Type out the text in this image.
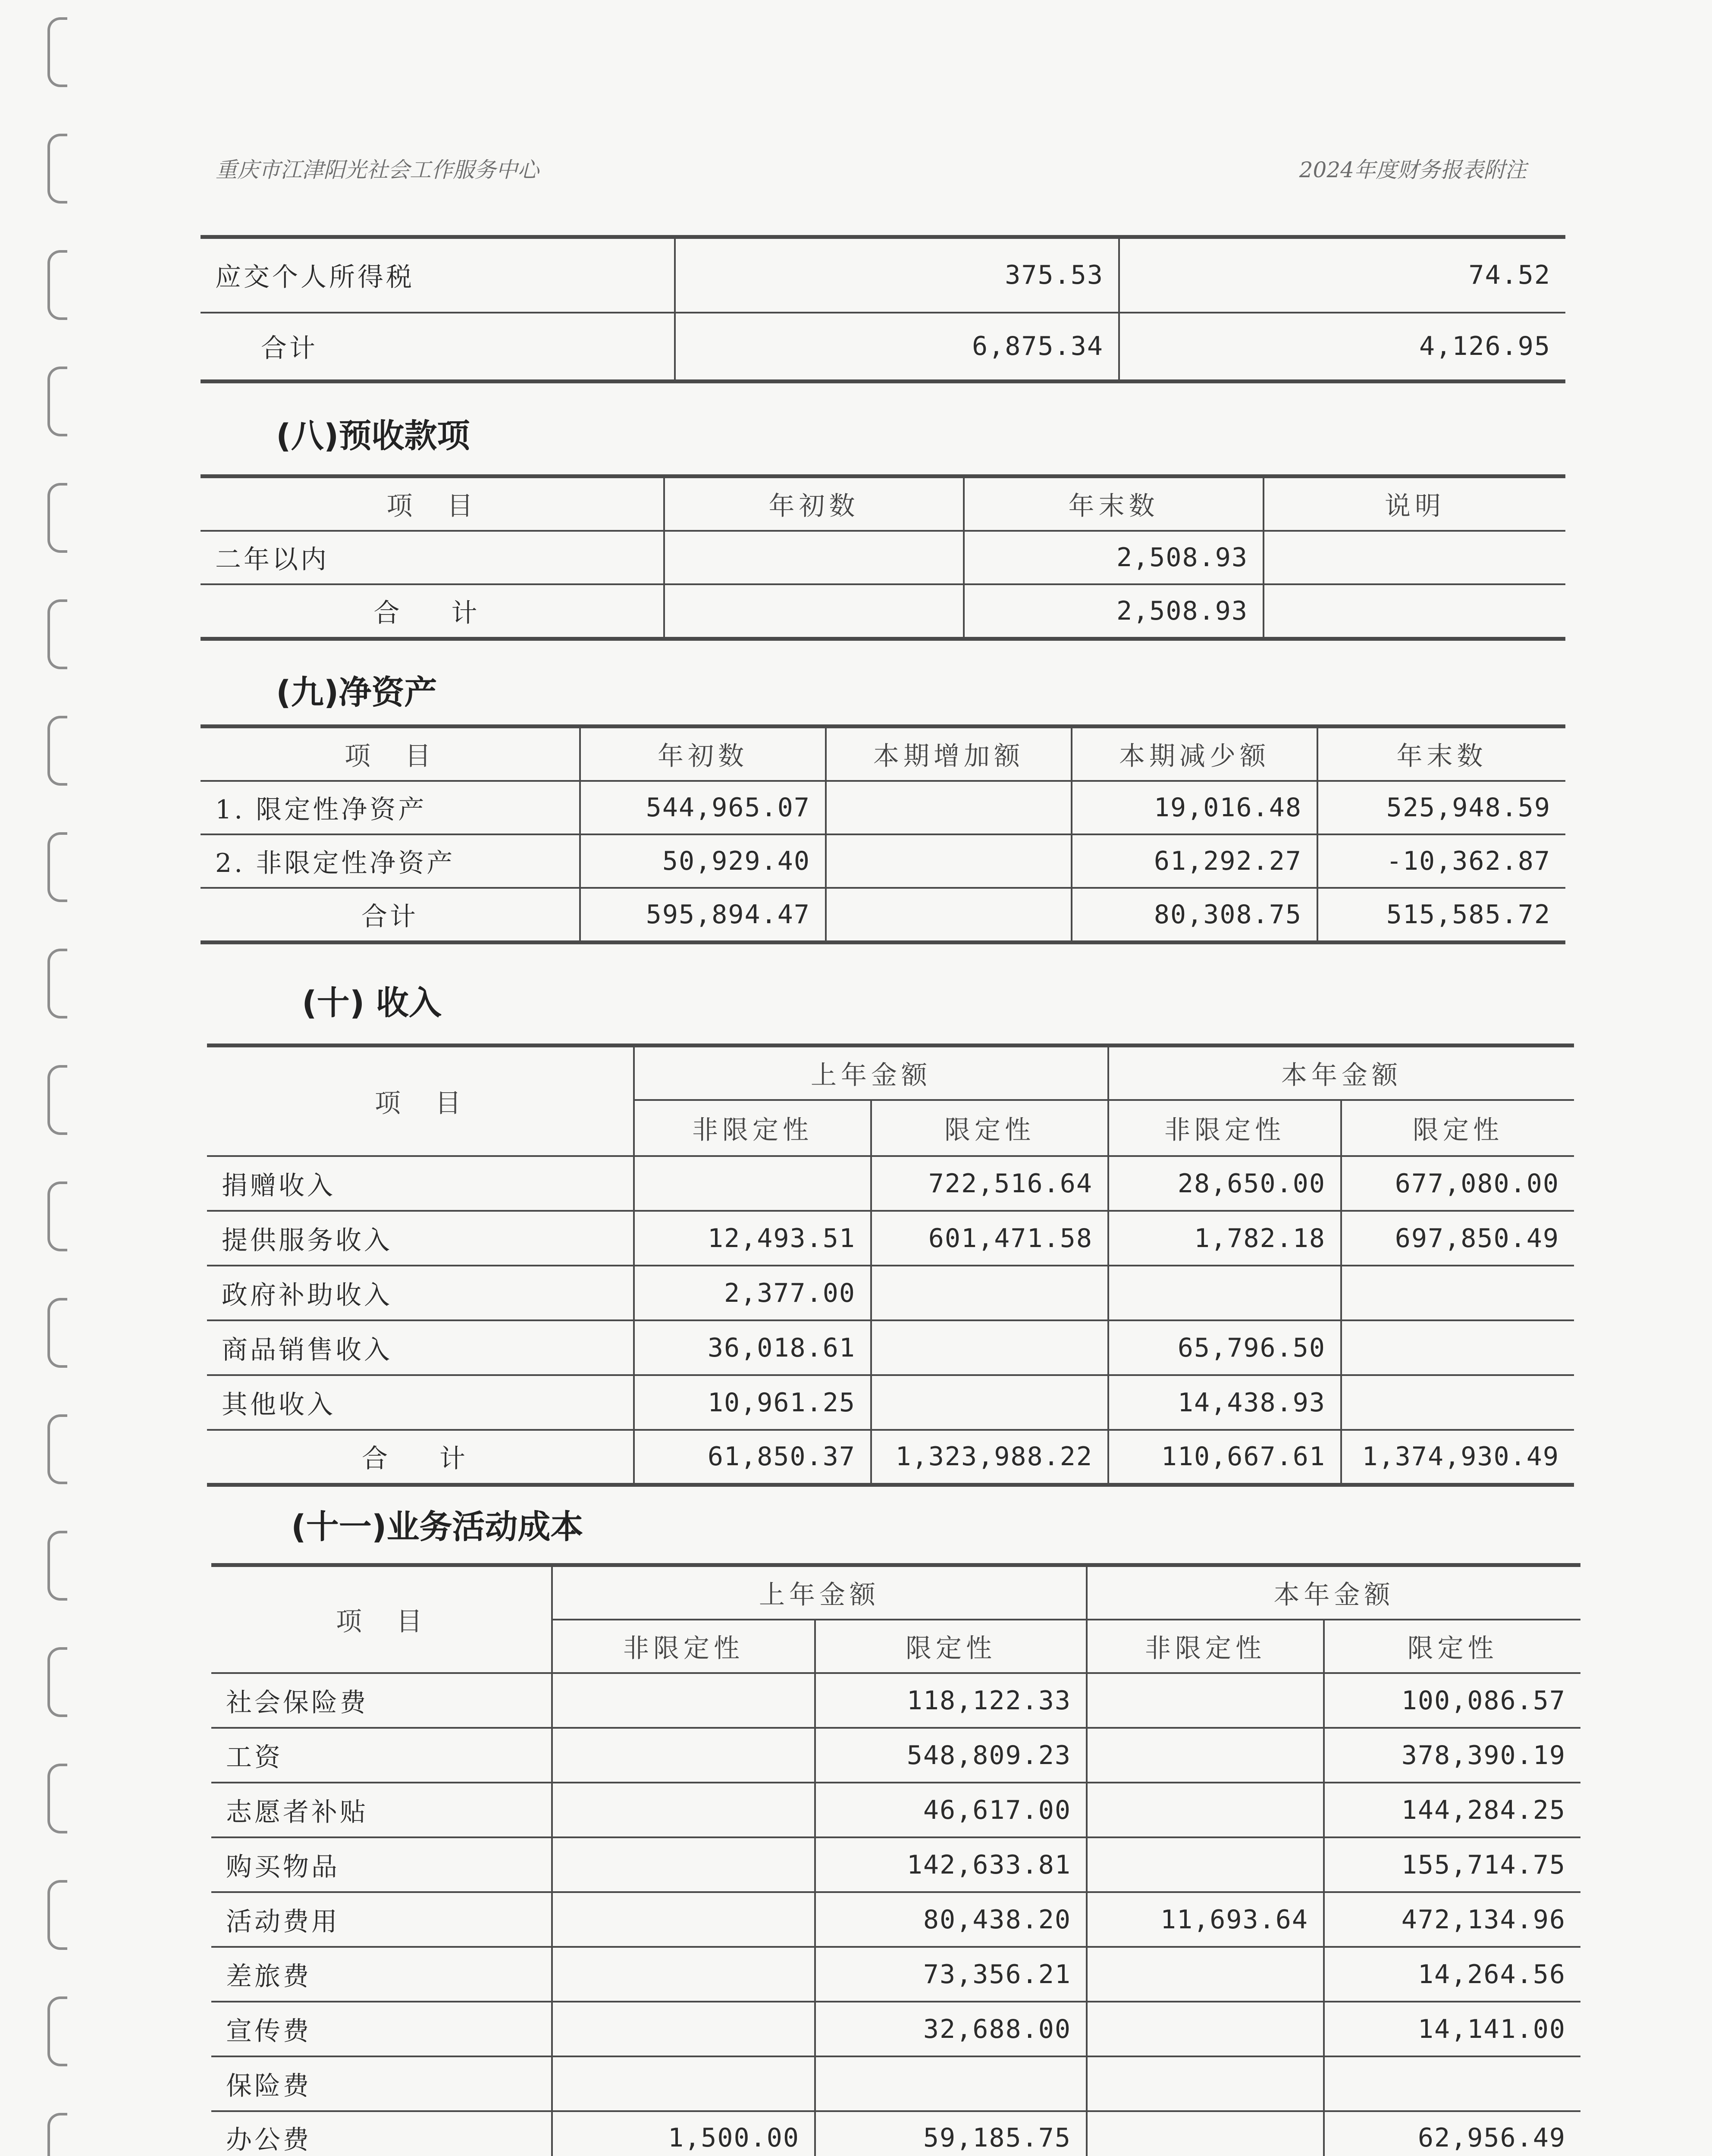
重庆市江津阳光社会工作服务中心	2024年度财务报表附注
应交个人所得税	375.53	74.52
合计	6,875.34	4,126.95
(八)预收款项
项　目	年初数	年末数	说明
二年以内		2,508.93	
合　计		2,508.93	
(九)净资产
项　目	年初数	本期增加额	本期减少额	年末数
1. 限定性净资产	544,965.07		19,016.48	525,948.59
2. 非限定性净资产	50,929.40		61,292.27	-10,362.87
合计	595,894.47		80,308.75	515,585.72
(十) 收入
项　目	上年金额		本年金额	
	非限定性	限定性	非限定性	限定性
捐赠收入		722,516.64	28,650.00	677,080.00
提供服务收入	12,493.51	601,471.58	1,782.18	697,850.49
政府补助收入	2,377.00			
商品销售收入	36,018.61		65,796.50	
其他收入	10,961.25		14,438.93	
合　计	61,850.37	1,323,988.22	110,667.61	1,374,930.49
(十一)业务活动成本
项　目	上年金额		本年金额	
	非限定性	限定性	非限定性	限定性
社会保险费		118,122.33		100,086.57
工资		548,809.23		378,390.19
志愿者补贴		46,617.00		144,284.25
购买物品		142,633.81		155,714.75
活动费用		80,438.20	11,693.64	472,134.96
差旅费		73,356.21		14,264.56
宣传费		32,688.00		14,141.00
保险费				
办公费	1,500.00	59,185.75		62,956.49
